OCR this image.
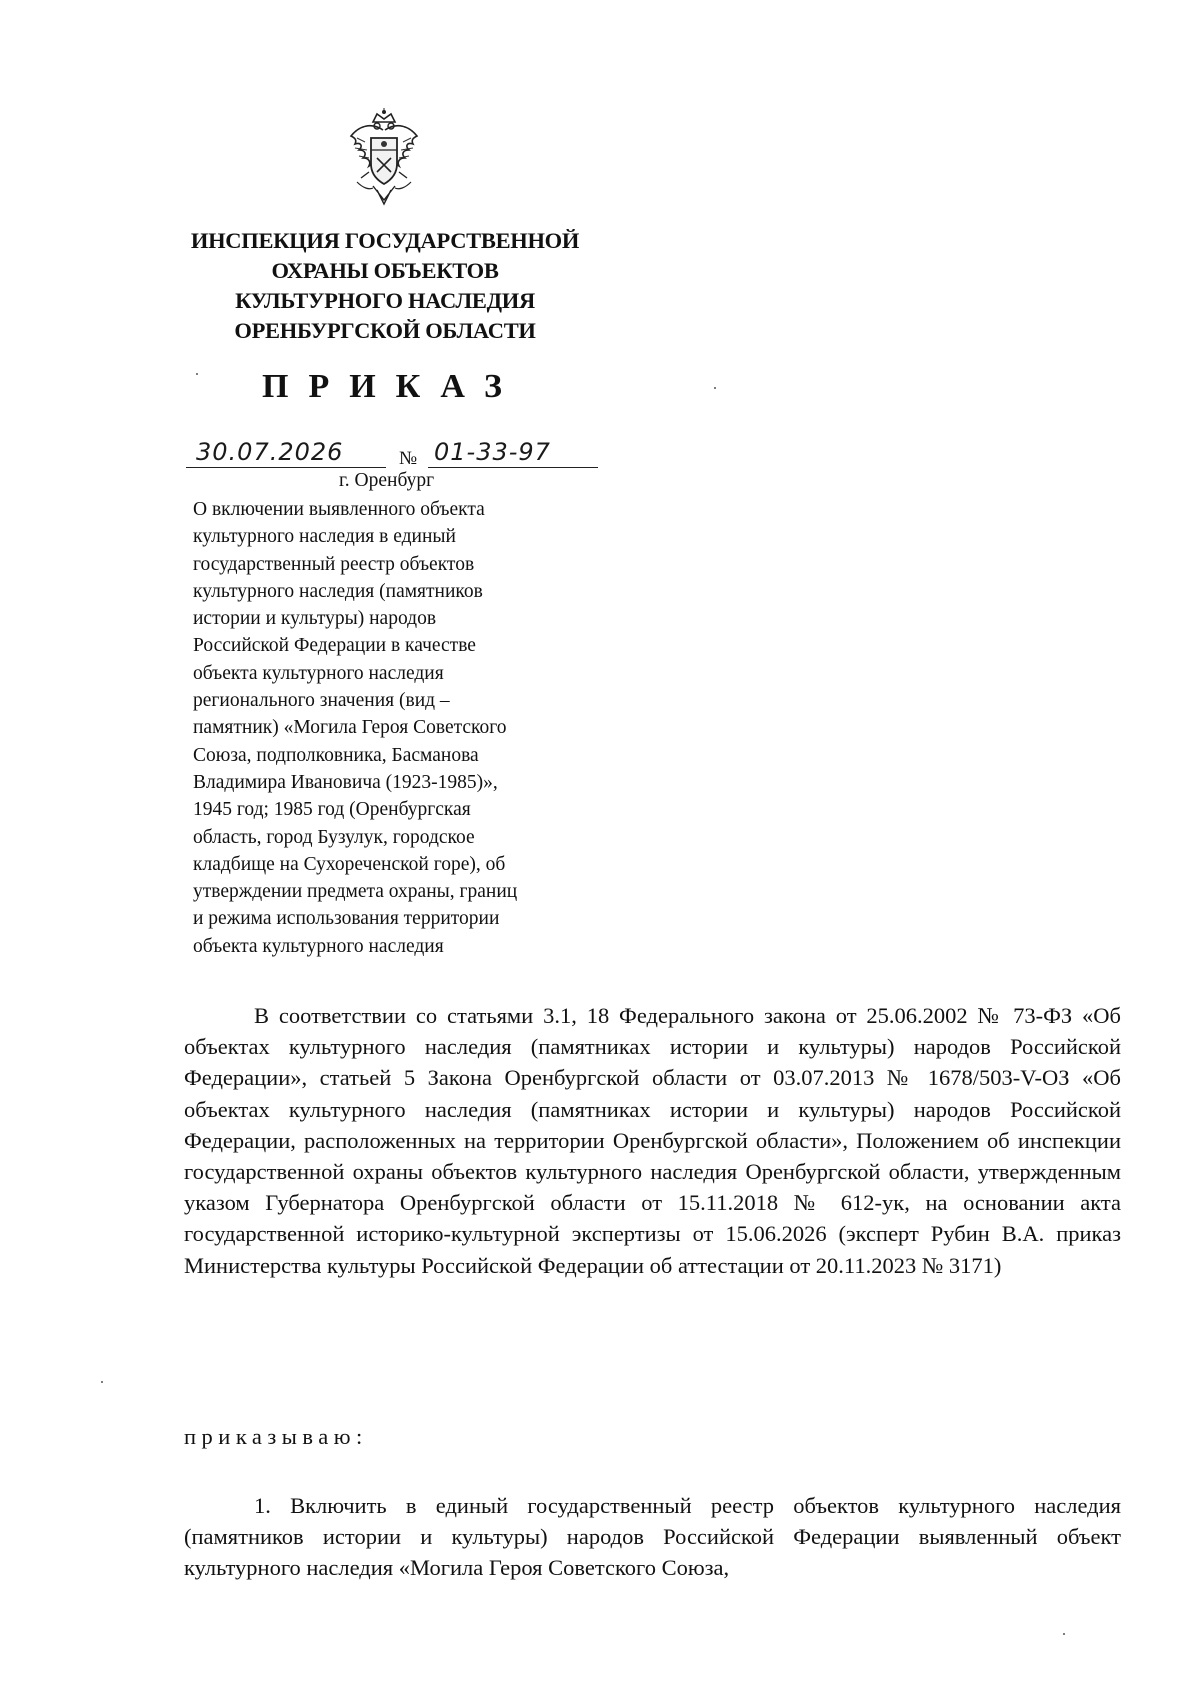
ИНСПЕКЦИЯ ГОСУДАРСТВЕННОЙ
ОХРАНЫ ОБЪЕКТОВ
КУЛЬТУРНОГО НАСЛЕДИЯ
ОРЕНБУРГСКОЙ ОБЛАСТИ
ПРИКАЗ
30.07.2026	№ 01-33-97
г. Оренбург
О включении выявленного объекта
культурного наследия в единый
государственный реестр объектов
культурного наследия (памятников
истории и культуры) народов
Российской Федерации в качестве
объекта культурного наследия
регионального значения (вид –
памятник) «Могила Героя Советского
Союза, подполковника, Басманова
Владимира Ивановича (1923-1985)»,
1945 год; 1985 год (Оренбургская
область, город Бузулук, городское
кладбище на Сухореченской горе), об
утверждении предмета охраны, границ
и режима использования территории
объекта культурного наследия

В соответствии со статьями 3.1, 18 Федерального закона от 25.06.2002 № 73-ФЗ «Об объектах культурного наследия (памятниках истории и культуры) народов Российской Федерации», статьей 5 Закона Оренбургской области от 03.07.2013 № 1678/503-V-ОЗ «Об объектах культурного наследия (памятниках истории и культуры) народов Российской Федерации, расположенных на территории Оренбургской области», Положением об инспекции государственной охраны объектов культурного наследия Оренбургской области, утвержденным указом Губернатора Оренбургской области от 15.11.2018 № 612-ук, на основании акта государственной историко-культурной экспертизы от 15.06.2026 (эксперт Рубин В.А. приказ Министерства культуры Российской Федерации об аттестации от 20.11.2023 № 3171)

приказываю:

1. Включить в единый государственный реестр объектов культурного наследия (памятников истории и культуры) народов Российской Федерации выявленный объект культурного наследия «Могила Героя Советского Союза,
